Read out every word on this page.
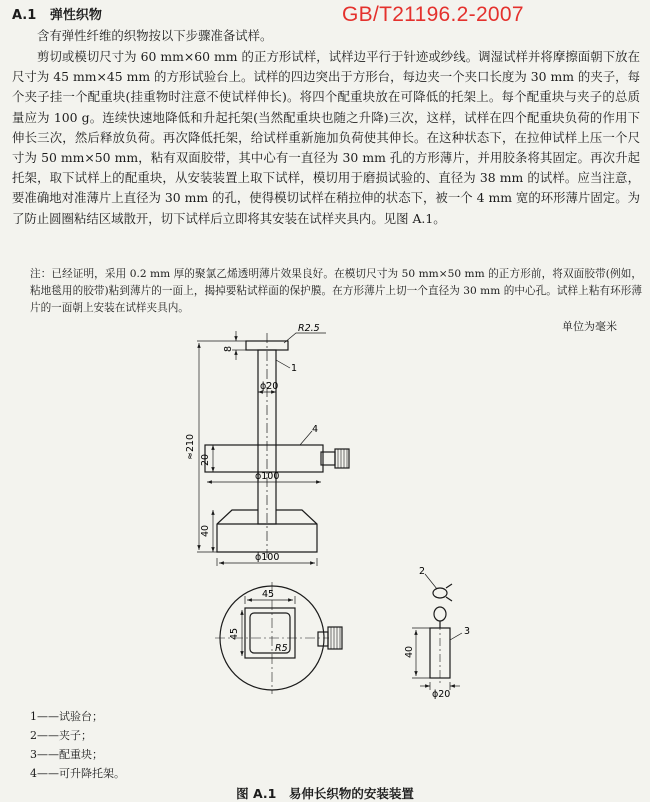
A.1 弹性织物	GB/T21196.2-2007
含有弹性纤维的织物按以下步骤准备试样。
剪切或模切尺寸为 60 mm×60 mm 的正方形试样，试样边平行于针迹或纱线。调湿试样并将摩擦面朝下放在尺寸为 45 mm×45 mm 的方形试验台上。试样的四边突出于方形台，每边夹一个夹口长度为 30 mm 的夹子，每个夹子挂一个配重块(挂重物时注意不使试样伸长)。将四个配重块放在可降低的托架上。每个配重块与夹子的总质量应为 100 g。连续快速地降低和升起托架(当然配重块也随之升降)三次，这样，试样在四个配重块负荷的作用下伸长三次，然后释放负荷。再次降低托架，给试样重新施加负荷使其伸长。在这种状态下，在拉伸试样上压一个尺寸为 50 mm×50 mm，粘有双面胶带，其中心有一直径为 30 mm 孔的方形薄片，并用胶条将其固定。再次升起托架，取下试样上的配重块，从安装装置上取下试样，模切用于磨损试验的、直径为 38 mm 的试样。应当注意，要准确地对准薄片上直径为 30 mm 的孔，使得模切试样在稍拉伸的状态下，被一个 4 mm 宽的环形薄片固定。为了防止圆圈粘结区域散开，切下试样后立即将其安装在试样夹具内。见图 A.1。
注：已经证明，采用 0.2 mm 厚的聚氯乙烯透明薄片效果良好。在模切尺寸为 50 mm×50 mm 的正方形前，将双面胶带(例如，粘地毯用的胶带)粘到薄片的一面上，揭掉要粘试样面的保护膜。在方形薄片上切一个直径为 30 mm 的中心孔。试样上粘有环形薄片的一面朝上安装在试样夹具内。
单位为毫米
R2.5
8
≈210 20
40
ϕ20
ϕ100
ϕ100
1
4
45
45
R5
2
3
40
ϕ20
1——试验台；
2——夹子；
3——配重块；
4——可升降托架。
图 A.1　易伸长织物的安装装置
